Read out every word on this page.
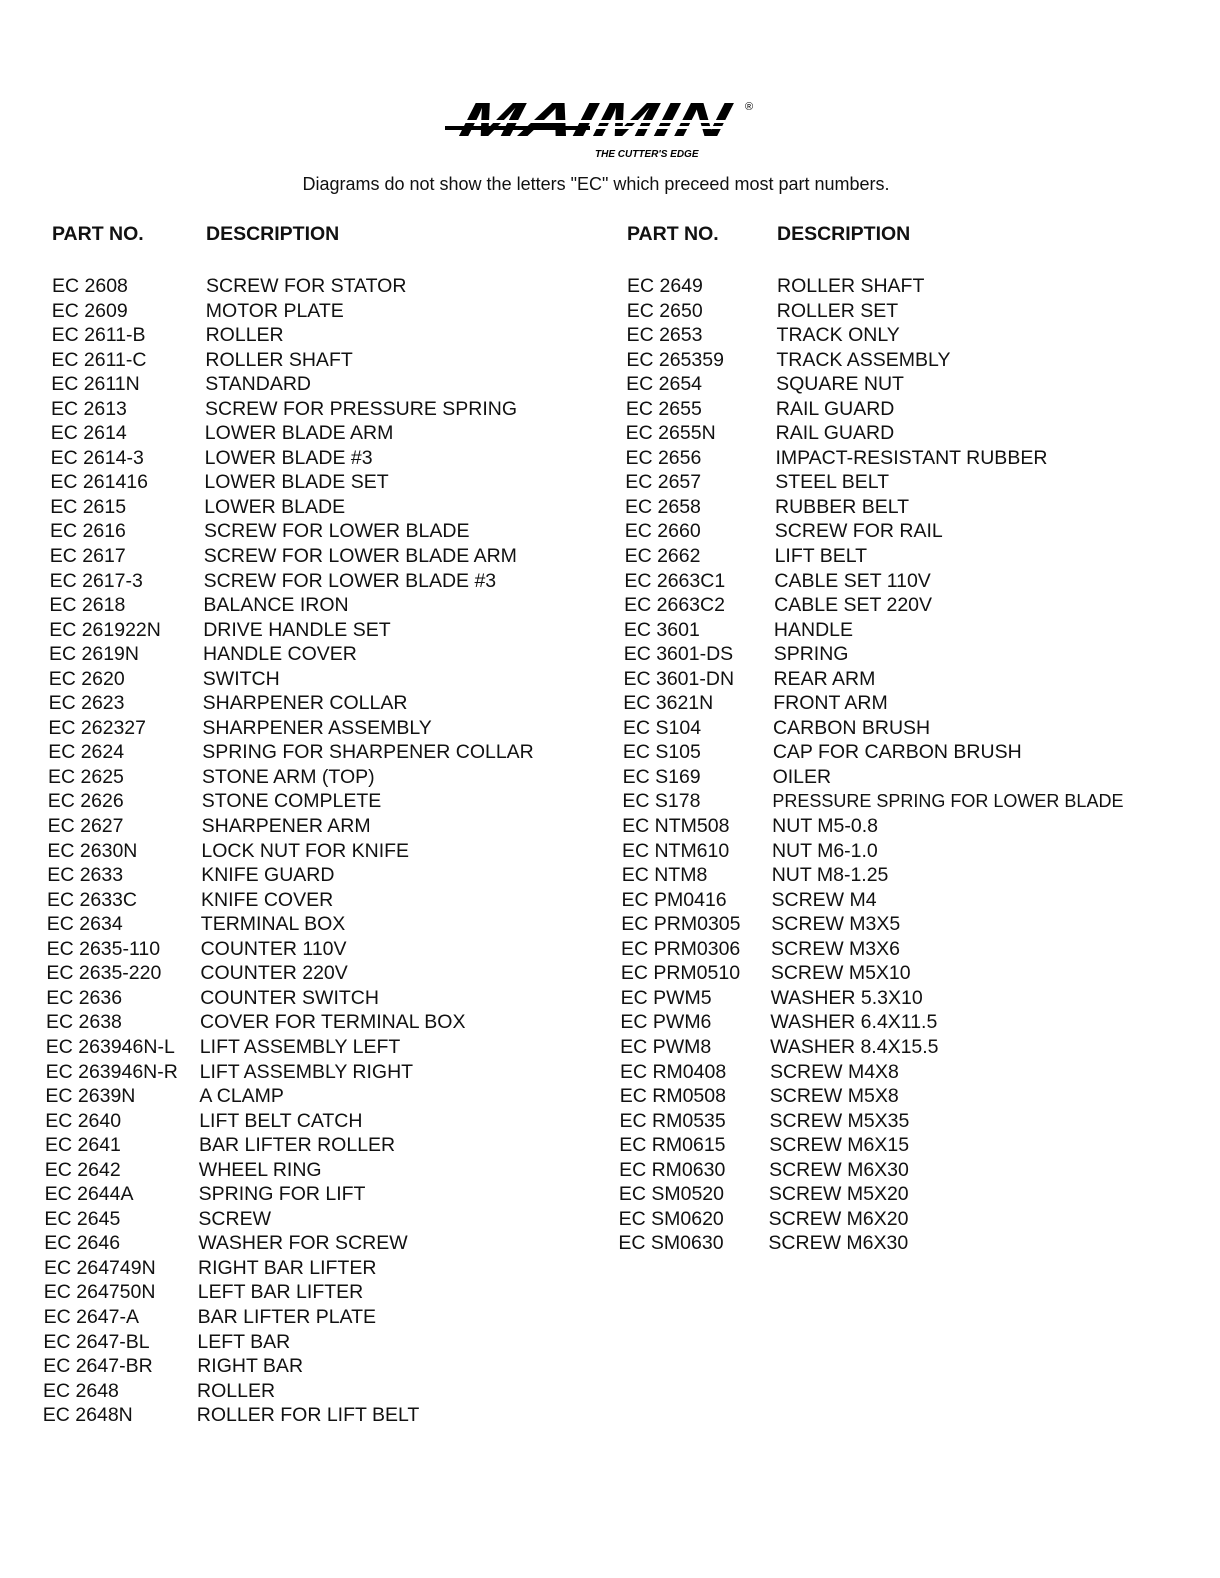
®
THE CUTTER'S EDGE
Diagrams do not show the letters "EC" which preceed most part numbers.
PART NO.	DESCRIPTION
EC 2608	SCREW FOR STATOR
EC 2609	MOTOR PLATE
EC 2611-B	ROLLER
EC 2611-C	ROLLER SHAFT
EC 2611N	STANDARD
EC 2613	SCREW FOR PRESSURE SPRING
EC 2614	LOWER BLADE ARM
EC 2614-3	LOWER BLADE #3
EC 261416	LOWER BLADE SET
EC 2615	LOWER BLADE
EC 2616	SCREW FOR LOWER BLADE
EC 2617	SCREW FOR LOWER BLADE ARM
EC 2617-3	SCREW FOR LOWER BLADE #3
EC 2618	BALANCE IRON
EC 261922N	DRIVE HANDLE SET
EC 2619N	HANDLE COVER
EC 2620	SWITCH
EC 2623	SHARPENER COLLAR
EC 262327	SHARPENER ASSEMBLY
EC 2624	SPRING FOR SHARPENER COLLAR
EC 2625	STONE ARM (TOP)
EC 2626	STONE COMPLETE
EC 2627	SHARPENER ARM
EC 2630N	LOCK NUT FOR KNIFE
EC 2633	KNIFE GUARD
EC 2633C	KNIFE COVER
EC 2634	TERMINAL BOX
EC 2635-110	COUNTER 110V
EC 2635-220	COUNTER 220V
EC 2636	COUNTER SWITCH
EC 2638	COVER FOR TERMINAL BOX
EC 263946N-L	LIFT ASSEMBLY LEFT
EC 263946N-R	LIFT ASSEMBLY RIGHT
EC 2639N	A CLAMP
EC 2640	LIFT BELT CATCH
EC 2641	BAR LIFTER ROLLER
EC 2642	WHEEL RING
EC 2644A	SPRING FOR LIFT
EC 2645	SCREW
EC 2646	WASHER FOR SCREW
EC 264749N	RIGHT BAR LIFTER
EC 264750N	LEFT BAR LIFTER
EC 2647-A	BAR LIFTER PLATE
EC 2647-BL	LEFT BAR
EC 2647-BR	RIGHT BAR
EC 2648	ROLLER
EC 2648N	ROLLER FOR LIFT BELT
PART NO.	DESCRIPTION
EC 2649	ROLLER SHAFT
EC 2650	ROLLER SET
EC 2653	TRACK ONLY
EC 265359	TRACK ASSEMBLY
EC 2654	SQUARE NUT
EC 2655	RAIL GUARD
EC 2655N	RAIL GUARD
EC 2656	IMPACT-RESISTANT RUBBER
EC 2657	STEEL BELT
EC 2658	RUBBER BELT
EC 2660	SCREW FOR RAIL
EC 2662	LIFT BELT
EC 2663C1	CABLE SET 110V
EC 2663C2	CABLE SET 220V
EC 3601	HANDLE
EC 3601-DS	SPRING
EC 3601-DN	REAR ARM
EC 3621N	FRONT ARM
EC S104	CARBON BRUSH
EC S105	CAP FOR CARBON BRUSH
EC S169	OILER
EC S178	PRESSURE SPRING FOR LOWER BLADE
EC NTM508	NUT M5-0.8
EC NTM610	NUT M6-1.0
EC NTM8	NUT M8-1.25
EC PM0416	SCREW M4
EC PRM0305	SCREW M3X5
EC PRM0306	SCREW M3X6
EC PRM0510	SCREW M5X10
EC PWM5	WASHER 5.3X10
EC PWM6	WASHER 6.4X11.5
EC PWM8	WASHER 8.4X15.5
EC RM0408	SCREW M4X8
EC RM0508	SCREW M5X8
EC RM0535	SCREW M5X35
EC RM0615	SCREW M6X15
EC RM0630	SCREW M6X30
EC SM0520	SCREW M5X20
EC SM0620	SCREW M6X20
EC SM0630	SCREW M6X30
